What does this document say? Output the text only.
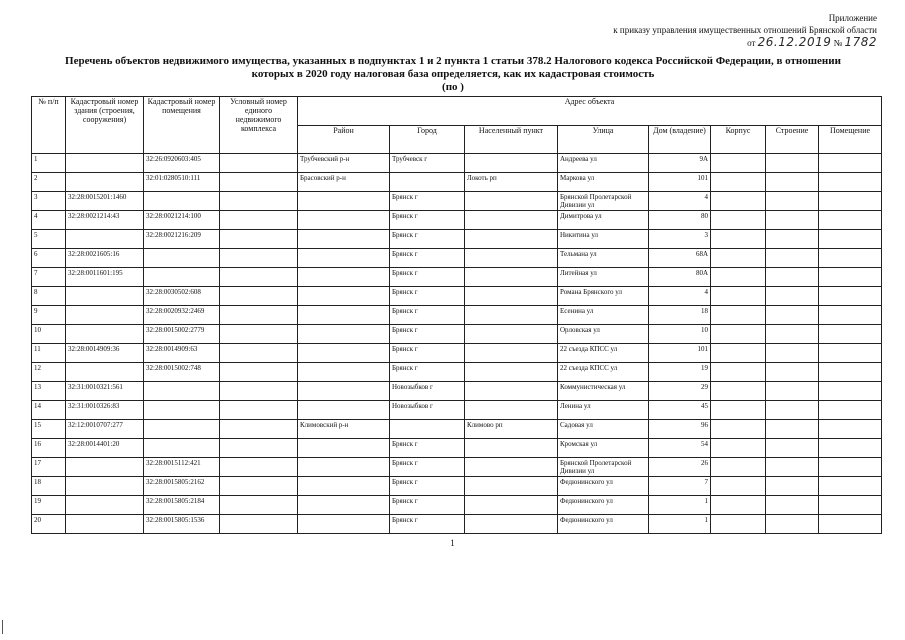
Приложение
к приказу управления имущественных отношений Брянской области
от 26.12.2019 № 1782
Перечень объектов недвижимого имущества, указанных в подпунктах 1 и 2 пункта 1 статьи 378.2 Налогового кодекса Российской Федерации, в отношении
которых в 2020 году налоговая база определяется, как их кадастровая стоимость
(по )
№ п/п	Кадастровый номер здания (строения, сооружения)	Кадастровый номер помещения	Условный номер единого недвижимого комплекса	Адрес объекта							
				Район	Город	Населенный пункт	Улица	Дом (владение)	Корпус	Строение	Помещение
1		32:26:0920603:405		Трубчевский р-н	Трубчевск г		Андреева ул	9А			
2		32:01:0280510:111		Брасовский р-н		Локоть рп	Маркова ул	101			
3	32:28:0015201:1460				Брянск г		Брянской Пролетарской Дивизии ул	4			
4	32:28:0021214:43	32:28:0021214:100			Брянск г		Димитрова ул	80			
5		32:28:0021216:209			Брянск г		Никитина ул	3			
6	32:28:0021605:16				Брянск г		Тельмана ул	68А			
7	32:28:0011601:195				Брянск г		Литейная ул	80А			
8		32:28:0030502:608			Брянск г		Романа Брянского ул	4			
9		32:28:0020932:2469			Брянск г		Есенина ул	18			
10		32:28:0015002:2779			Брянск г		Орловская ул	10			
11	32:28:0014909:36	32:28:0014909:63			Брянск г		22 съезда КПСС ул	101			
12		32:28:0015002:748			Брянск г		22 съезда КПСС ул	19			
13	32:31:0010321:561				Новозыбков г		Коммунистическая ул	29			
14	32:31:0010326:83				Новозыбков г		Ленина ул	45			
15	32:12:0010707:277			Климовский р-н		Климово рп	Садовая ул	96			
16	32:28:0014401:20				Брянск г		Кромская ул	54			
17		32:28:0015112:421			Брянск г		Брянской Пролетарской Дивизии ул	26			
18		32:28:0015805:2162			Брянск г		Федюнинского ул	7			
19		32:28:0015805:2184			Брянск г		Федюнинского ул	1			
20		32:28:0015805:1536			Брянск г		Федюнинского ул	1			
1
